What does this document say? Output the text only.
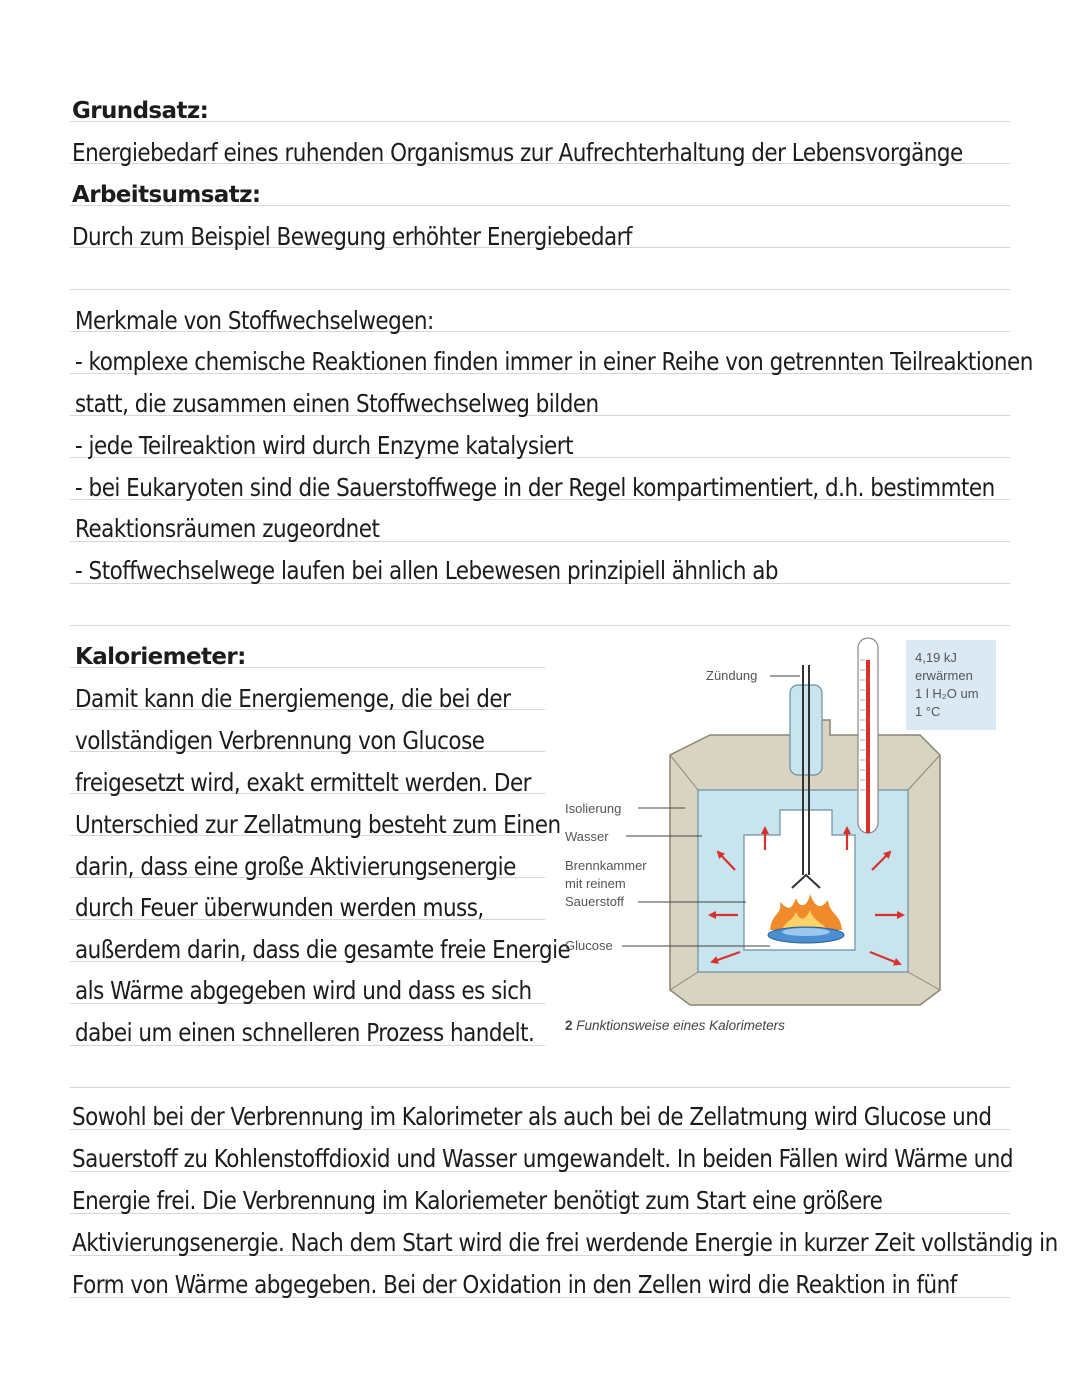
Grundsatz:
Energiebedarf eines ruhenden Organismus zur Aufrechterhaltung der Lebensvorgänge
Arbeitsumsatz:
Durch zum Beispiel Bewegung erhöhter Energiebedarf
Merkmale von Stoffwechselwegen:
- komplexe chemische Reaktionen finden immer in einer Reihe von getrennten Teilreaktionen
statt, die zusammen einen Stoffwechselweg bilden
- jede Teilreaktion wird durch Enzyme katalysiert
- bei Eukaryoten sind die Sauerstoffwege in der Regel kompartimentiert, d.h. bestimmten
Reaktionsräumen zugeordnet
- Stoffwechselwege laufen bei allen Lebewesen prinzipiell ähnlich ab
Kaloriemeter:
Damit kann die Energiemenge, die bei der
vollständigen Verbrennung von Glucose
freigesetzt wird, exakt ermittelt werden. Der
Unterschied zur Zellatmung besteht zum Einen
darin, dass eine große Aktivierungsenergie
durch Feuer überwunden werden muss,
außerdem darin, dass die gesamte freie Energie
als Wärme abgegeben wird und dass es sich
dabei um einen schnelleren Prozess handelt.
Zündung
Isolierung
Wasser
Brennkammer
mit reinem
Sauerstoff
Glucose
4,19 kJ
erwärmen
1 l H₂O um
1 °C
2 Funktionsweise eines Kalorimeters
Sowohl bei der Verbrennung im Kalorimeter als auch bei de Zellatmung wird Glucose und
Sauerstoff zu Kohlenstoffdioxid und Wasser umgewandelt. In beiden Fällen wird Wärme und
Energie frei. Die Verbrennung im Kaloriemeter benötigt zum Start eine größere
Aktivierungsenergie. Nach dem Start wird die frei werdende Energie in kurzer Zeit vollständig in
Form von Wärme abgegeben. Bei der Oxidation in den Zellen wird die Reaktion in fünf
